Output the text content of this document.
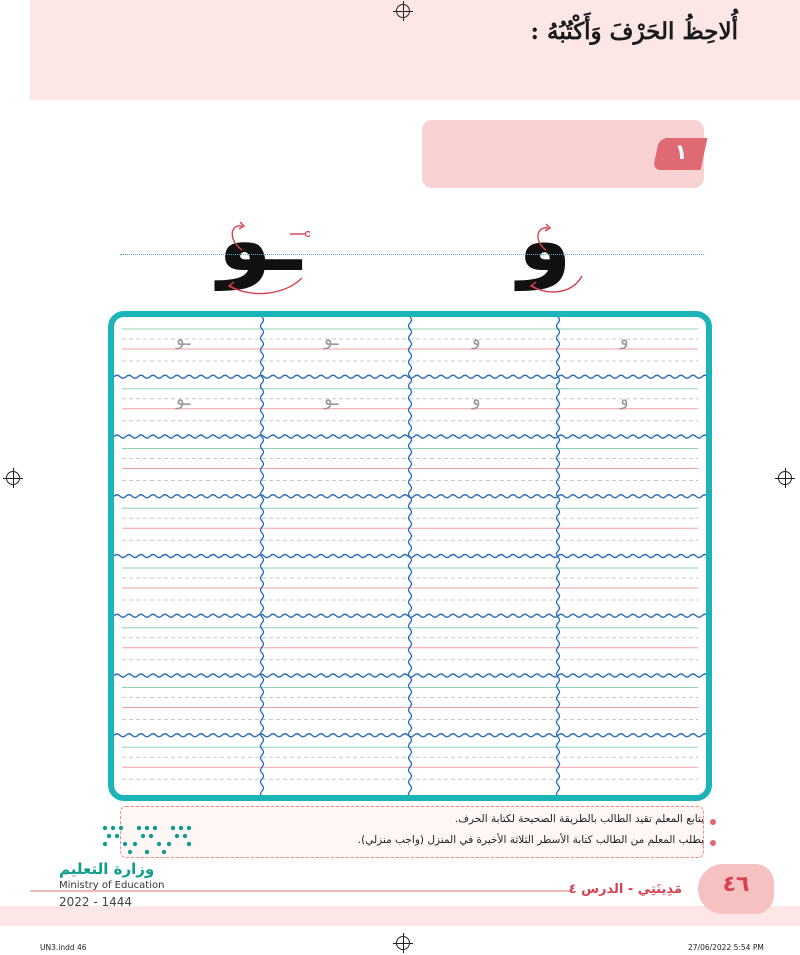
١
أُلاحِظُ الحَرْفَ وَأَكْتُبُهُ :
ـو	و
ـو	ـو	و	و
ـو	ـو	و	و
يتابع المعلم تقيد الطالب بالطريقة الصحيحة لكتابة الحرف.
يطلب المعلم من الطالب كتابة الأسطر الثلاثة الأخيرة في المنزل (واجب منزلي).
٤٦
مَدِينَتِي - الدرس ٤
وزارة التعليم
Ministry of Education
2022 - 1444
UN3.indd 46	27/06/2022 5:54 PM
